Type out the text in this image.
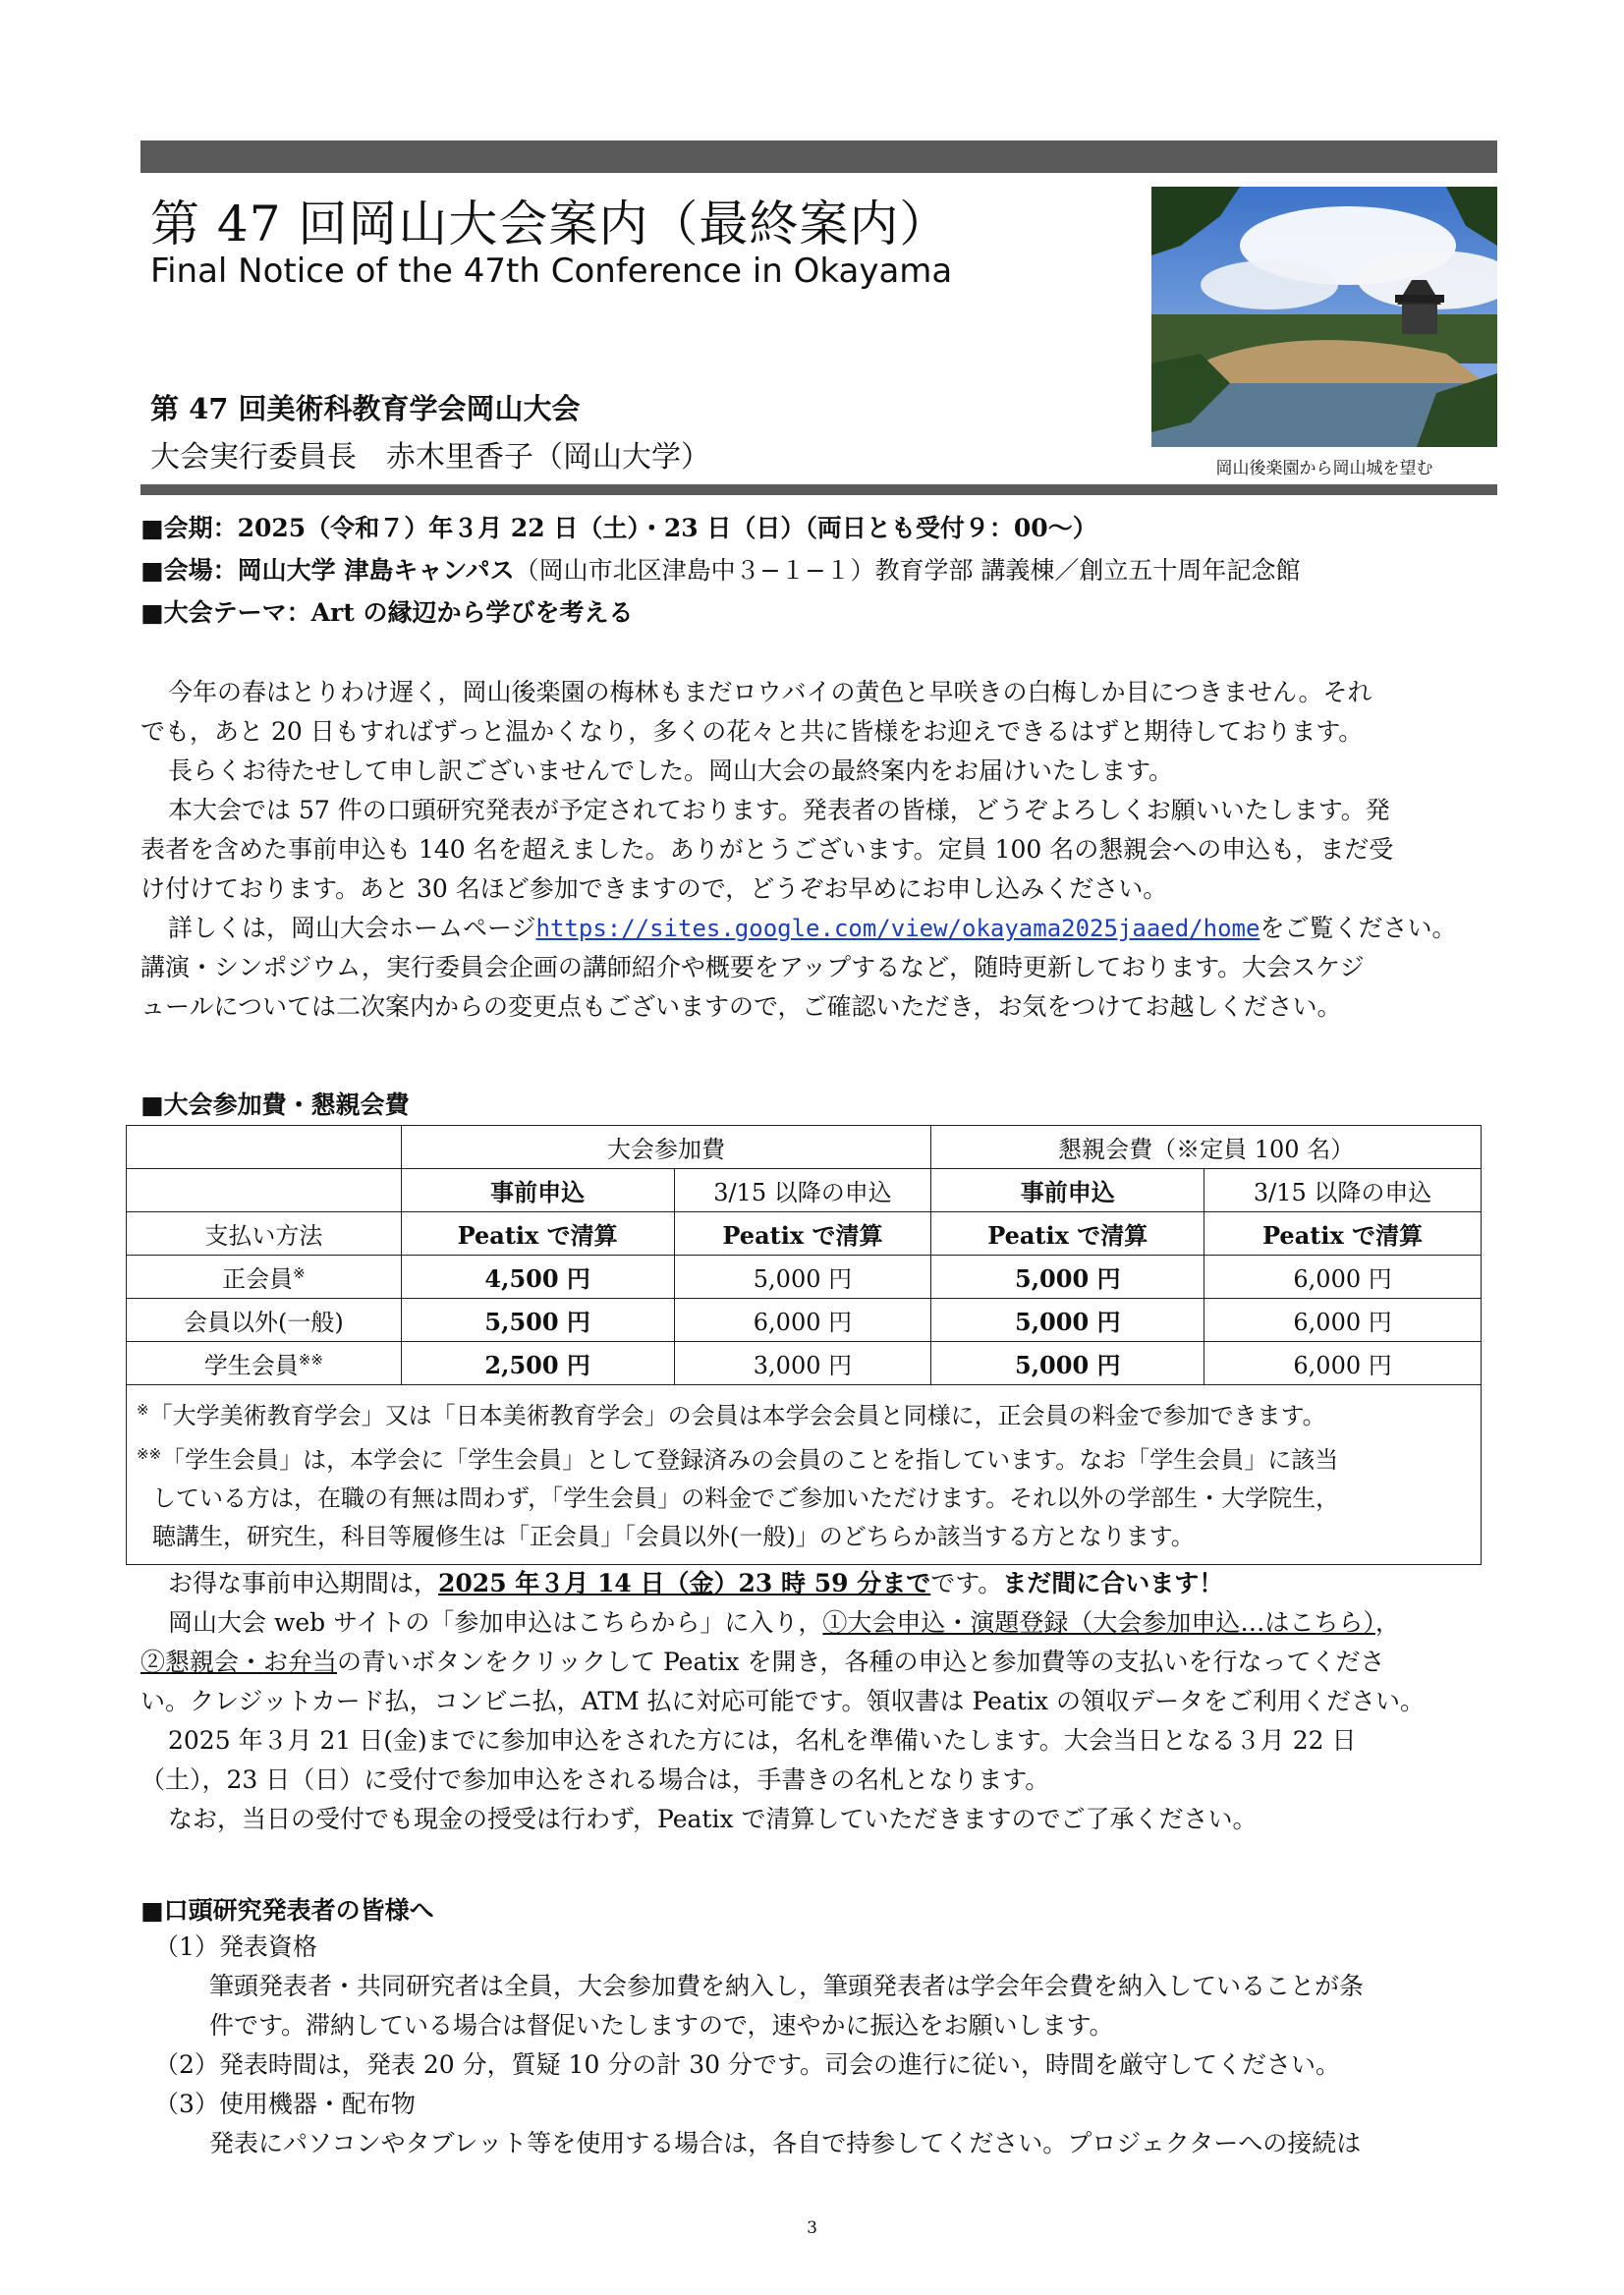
第 47 回岡山大会案内（最終案内）
Final Notice of the 47th Conference in Okayama
第 47 回美術科教育学会岡山大会
大会実行委員長　赤木里香子（岡山大学）	岡山後楽園から岡山城を望む
■会期：2025（令和７）年３月 22 日（土）・23 日（日）（両日とも受付９：00〜）
■会場：岡山大学 津島キャンパス（岡山市北区津島中３−１−１）教育学部 講義棟／創立五十周年記念館
■大会テーマ：Art の縁辺から学びを考える
今年の春はとりわけ遅く，岡山後楽園の梅林もまだロウバイの黄色と早咲きの白梅しか目につきません。それ
でも，あと 20 日もすればずっと温かくなり，多くの花々と共に皆様をお迎えできるはずと期待しております。
長らくお待たせして申し訳ございませんでした。岡山大会の最終案内をお届けいたします。
本大会では 57 件の口頭研究発表が予定されております。発表者の皆様，どうぞよろしくお願いいたします。発
表者を含めた事前申込も 140 名を超えました。ありがとうございます。定員 100 名の懇親会への申込も，まだ受
け付けております。あと 30 名ほど参加できますので，どうぞお早めにお申し込みください。
詳しくは，岡山大会ホームページhttps://sites.google.com/view/okayama2025jaaed/homeをご覧ください。
講演・シンポジウム，実行委員会企画の講師紹介や概要をアップするなど，随時更新しております。大会スケジ
ュールについては二次案内からの変更点もございますので，ご確認いただき，お気をつけてお越しください。
■大会参加費・懇親会費
	大会参加費		懇親会費（※定員 100 名）	
	事前申込	3/15 以降の申込	事前申込	3/15 以降の申込
支払い方法	Peatix で清算	Peatix で清算	Peatix で清算	Peatix で清算
正会員※	4,500 円	5,000 円	5,000 円	6,000 円
会員以外(一般)	5,500 円	6,000 円	5,000 円	6,000 円
学生会員※※	2,500 円	3,000 円	5,000 円	6,000 円

※「大学美術教育学会」又は「日本美術教育学会」の会員は本学会会員と同様に，正会員の料金で参加できます。
※※「学生会員」は，本学会に「学生会員」として登録済みの会員のことを指しています。なお「学生会員」に該当
している方は，在職の有無は問わず，「学生会員」の料金でご参加いただけます。それ以外の学部生・大学院生，
聴講生，研究生，科目等履修生は「正会員」「会員以外(一般)」のどちらか該当する方となります。				
お得な事前申込期間は，2025 年３月 14 日（金）23 時 59 分までです。まだ間に合います！
岡山大会 web サイトの「参加申込はこちらから」に入り，①大会申込・演題登録（大会参加申込…はこちら），
②懇親会・お弁当の青いボタンをクリックして Peatix を開き，各種の申込と参加費等の支払いを行なってくださ
い。クレジットカード払，コンビニ払，ATM 払に対応可能です。領収書は Peatix の領収データをご利用ください。
2025 年３月 21 日(金)までに参加申込をされた方には，名札を準備いたします。大会当日となる３月 22 日
（土），23 日（日）に受付で参加申込をされる場合は，手書きの名札となります。
なお，当日の受付でも現金の授受は行わず，Peatix で清算していただきますのでご了承ください。
■口頭研究発表者の皆様へ
（1）発表資格
筆頭発表者・共同研究者は全員，大会参加費を納入し，筆頭発表者は学会年会費を納入していることが条
件です。滞納している場合は督促いたしますので，速やかに振込をお願いします。
（2）発表時間は，発表 20 分，質疑 10 分の計 30 分です。司会の進行に従い，時間を厳守してください。
（3）使用機器・配布物
発表にパソコンやタブレット等を使用する場合は，各自で持参してください。プロジェクターへの接続は
3
